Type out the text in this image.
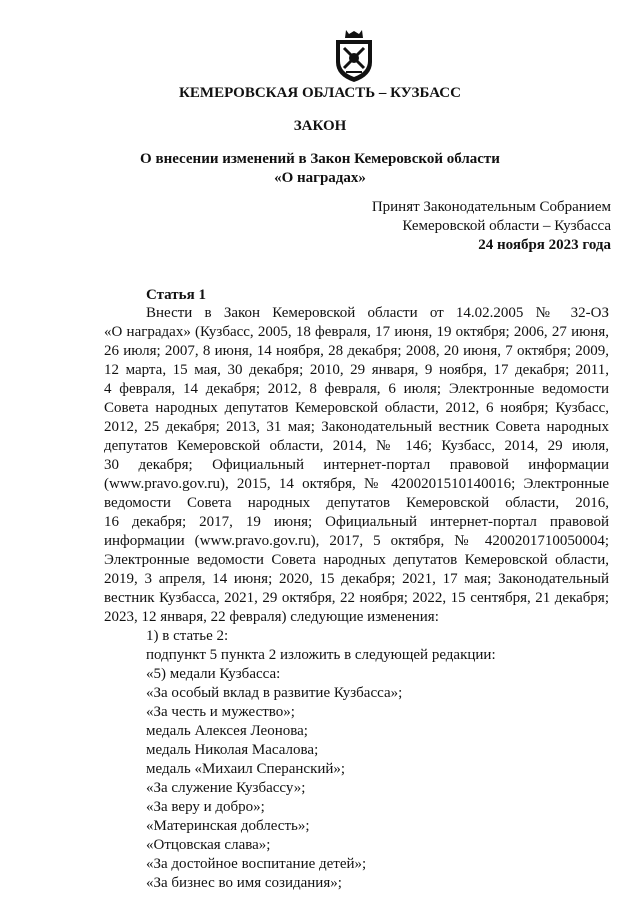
КЕМЕРОВСКАЯ ОБЛАСТЬ – КУЗБАСС
ЗАКОН
О внесении изменений в Закон Кемеровской области
«О наградах»
Принят Законодательным Собранием
Кемеровской области – Кузбасса
24 ноября 2023 года
Статья 1

Внести в Закон Кемеровской области от 14.02.2005 № 32-ОЗ

«О наградах» (Кузбасс, 2005, 18 февраля, 17 июня, 19 октября; 2006, 27 июня,

26 июля; 2007, 8 июня, 14 ноября, 28 декабря; 2008, 20 июня, 7 октября; 2009,

12 марта, 15 мая, 30 декабря; 2010, 29 января, 9 ноября, 17 декабря; 2011,

4 февраля, 14 декабря; 2012, 8 февраля, 6 июля; Электронные ведомости

Совета народных депутатов Кемеровской области, 2012, 6 ноября; Кузбасс,

2012, 25 декабря; 2013, 31 мая; Законодательный вестник Совета народных

депутатов Кемеровской области, 2014, № 146; Кузбасс, 2014, 29 июля,

30 декабря; Официальный интернет-портал правовой информации

(www.pravo.gov.ru), 2015, 14 октября, № 4200201510140016; Электронные

ведомости Совета народных депутатов Кемеровской области, 2016,

16 декабря; 2017, 19 июня; Официальный интернет-портал правовой

информации (www.pravo.gov.ru), 2017, 5 октября, № 4200201710050004;

Электронные ведомости Совета народных депутатов Кемеровской области,

2019, 3 апреля, 14 июня; 2020, 15 декабря; 2021, 17 мая; Законодательный

вестник Кузбасса, 2021, 29 октября, 22 ноября; 2022, 15 сентября, 21 декабря;

2023, 12 января, 22 февраля) следующие изменения:

1) в статье 2:
подпункт 5 пункта 2 изложить в следующей редакции:
«5) медали Кузбасса:
«За особый вклад в развитие Кузбасса»;
«За честь и мужество»;
медаль Алексея Леонова;
медаль Николая Масалова;
медаль «Михаил Сперанский»;
«За служение Кузбассу»;
«За веру и добро»;
«Материнская доблесть»;
«Отцовская слава»;
«За достойное воспитание детей»;
«За бизнес во имя созидания»;
